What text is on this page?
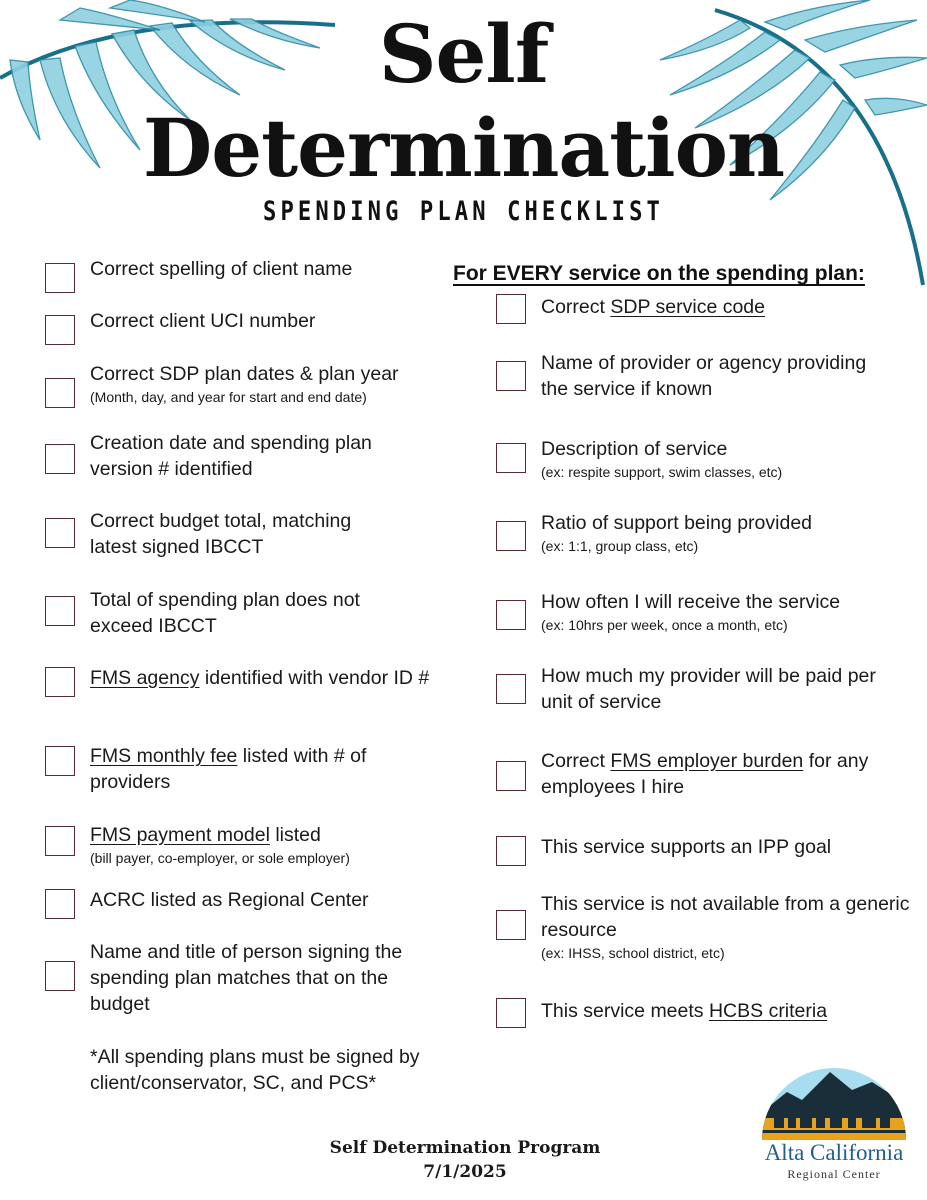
Self
Determination
SPENDING PLAN CHECKLIST
Correct spelling of client name
Correct client UCI number
Correct SDP plan dates & plan year
(Month, day, and year for start and end date)
Creation date and spending plan version # identified
Correct budget total, matching latest signed IBCCT
Total of spending plan does not exceed IBCCT
FMS agency identified with vendor ID #
FMS monthly fee listed with # of providers
FMS payment model listed
(bill payer, co-employer, or sole employer)
ACRC listed as Regional Center
Name and title of person signing the spending plan matches that on the budget
*All spending plans must be signed by client/conservator, SC, and PCS*
For EVERY service on the spending plan:
Correct SDP service code
Name of provider or agency providing the service if known
Description of service
(ex: respite support, swim classes, etc)
Ratio of support being provided
(ex: 1:1, group class, etc)
How often I will receive the service
(ex: 10hrs per week, once a month, etc)
How much my provider will be paid per unit of service
Correct FMS employer burden for any employees I hire
This service supports an IPP goal
This service is not available from a generic resource
(ex: IHSS, school district, etc)
This service meets HCBS criteria
Self Determination Program
7/1/2025
Alta California
Regional Center
